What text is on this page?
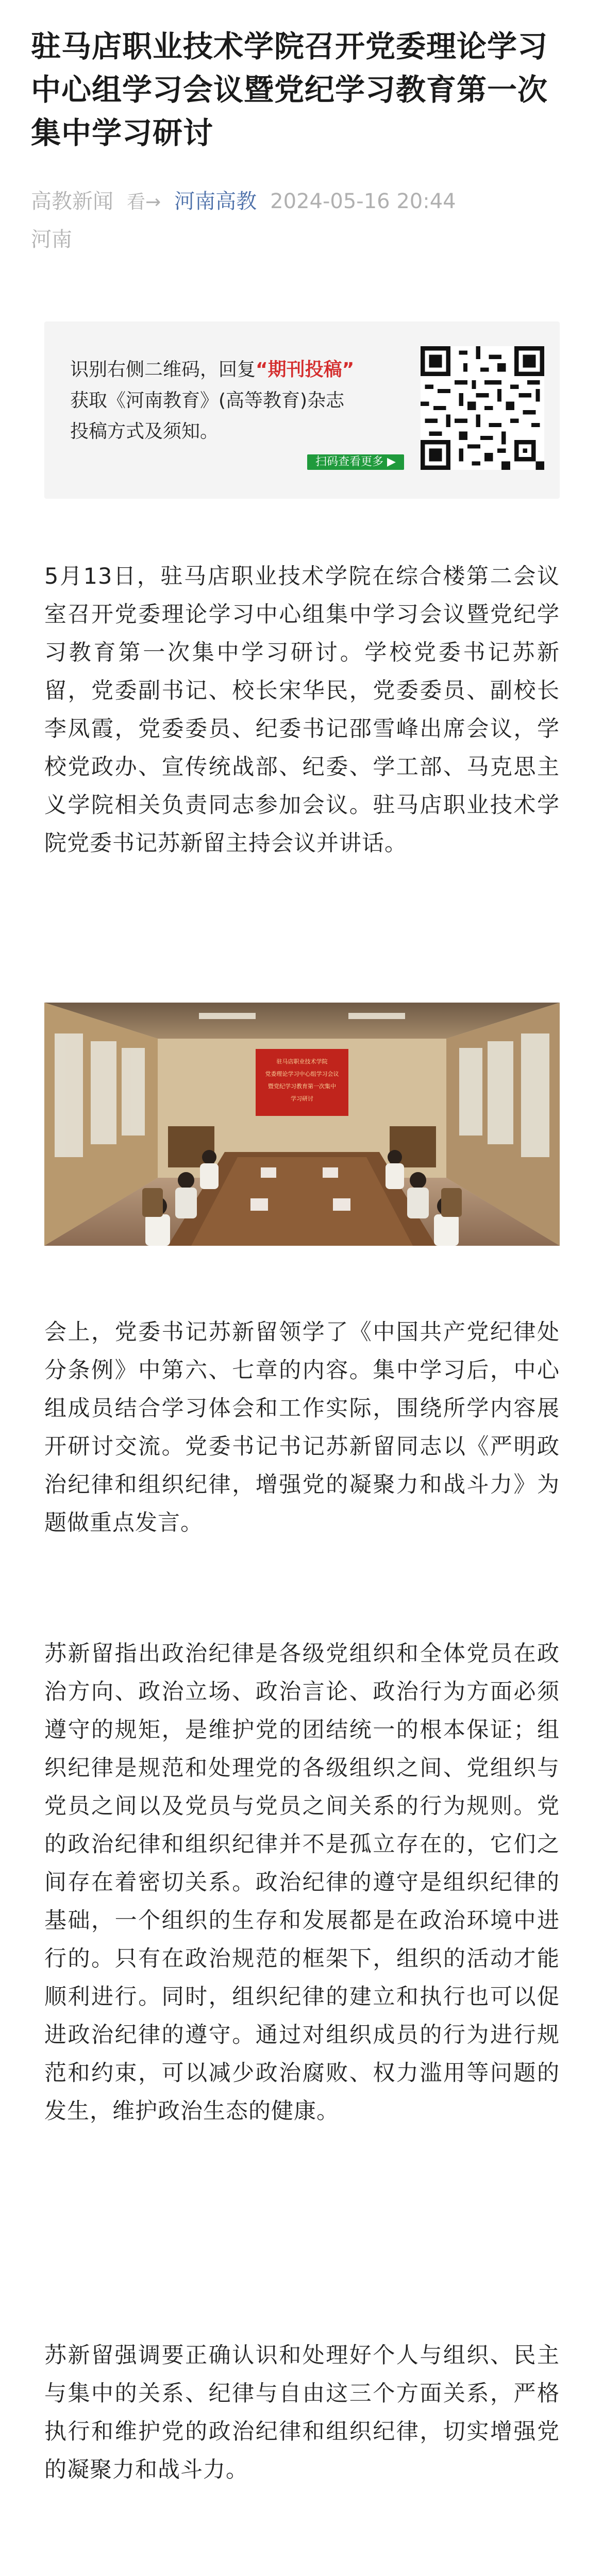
驻马店职业技术学院召开党委理论学习中心组学习会议暨党纪学习教育第一次集中学习研讨
高教新闻 看→ 河南高教 2024-05-16 20:44
河南
识别右侧二维码，回复“期刊投稿”
获取《河南教育》(高等教育)杂志
投稿方式及须知。
扫码查看更多 ▶

5月13日，驻马店职业技术学院在综合楼第二会议室召开党委理论学习中心组集中学习会议暨党纪学习教育第一次集中学习研讨。学校党委书记苏新留，党委副书记、校长宋华民，党委委员、副校长李凤霞，党委委员、纪委书记邵雪峰出席会议，学校党政办、宣传统战部、纪委、学工部、马克思主义学院相关负责同志参加会议。驻马店职业技术学院党委书记苏新留主持会议并讲话。

驻马店职业技术学院
党委理论学习中心组学习会议
暨党纪学习教育第一次集中
学习研讨

会上，党委书记苏新留领学了《中国共产党纪律处分条例》中第六、七章的内容。集中学习后，中心组成员结合学习体会和工作实际，围绕所学内容展开研讨交流。党委书记书记苏新留同志以《严明政治纪律和组织纪律，增强党的凝聚力和战斗力》为题做重点发言。

苏新留指出政治纪律是各级党组织和全体党员在政治方向、政治立场、政治言论、政治行为方面必须遵守的规矩，是维护党的团结统一的根本保证；组织纪律是规范和处理党的各级组织之间、党组织与党员之间以及党员与党员之间关系的行为规则。党的政治纪律和组织纪律并不是孤立存在的，它们之间存在着密切关系。政治纪律的遵守是组织纪律的基础，一个组织的生存和发展都是在政治环境中进行的。只有在政治规范的框架下，组织的活动才能顺利进行。同时，组织纪律的建立和执行也可以促进政治纪律的遵守。通过对组织成员的行为进行规范和约束，可以减少政治腐败、权力滥用等问题的发生，维护政治生态的健康。

苏新留强调要正确认识和处理好个人与组织、民主与集中的关系、纪律与自由这三个方面关系，严格执行和维护党的政治纪律和组织纪律，切实增强党的凝聚力和战斗力。
